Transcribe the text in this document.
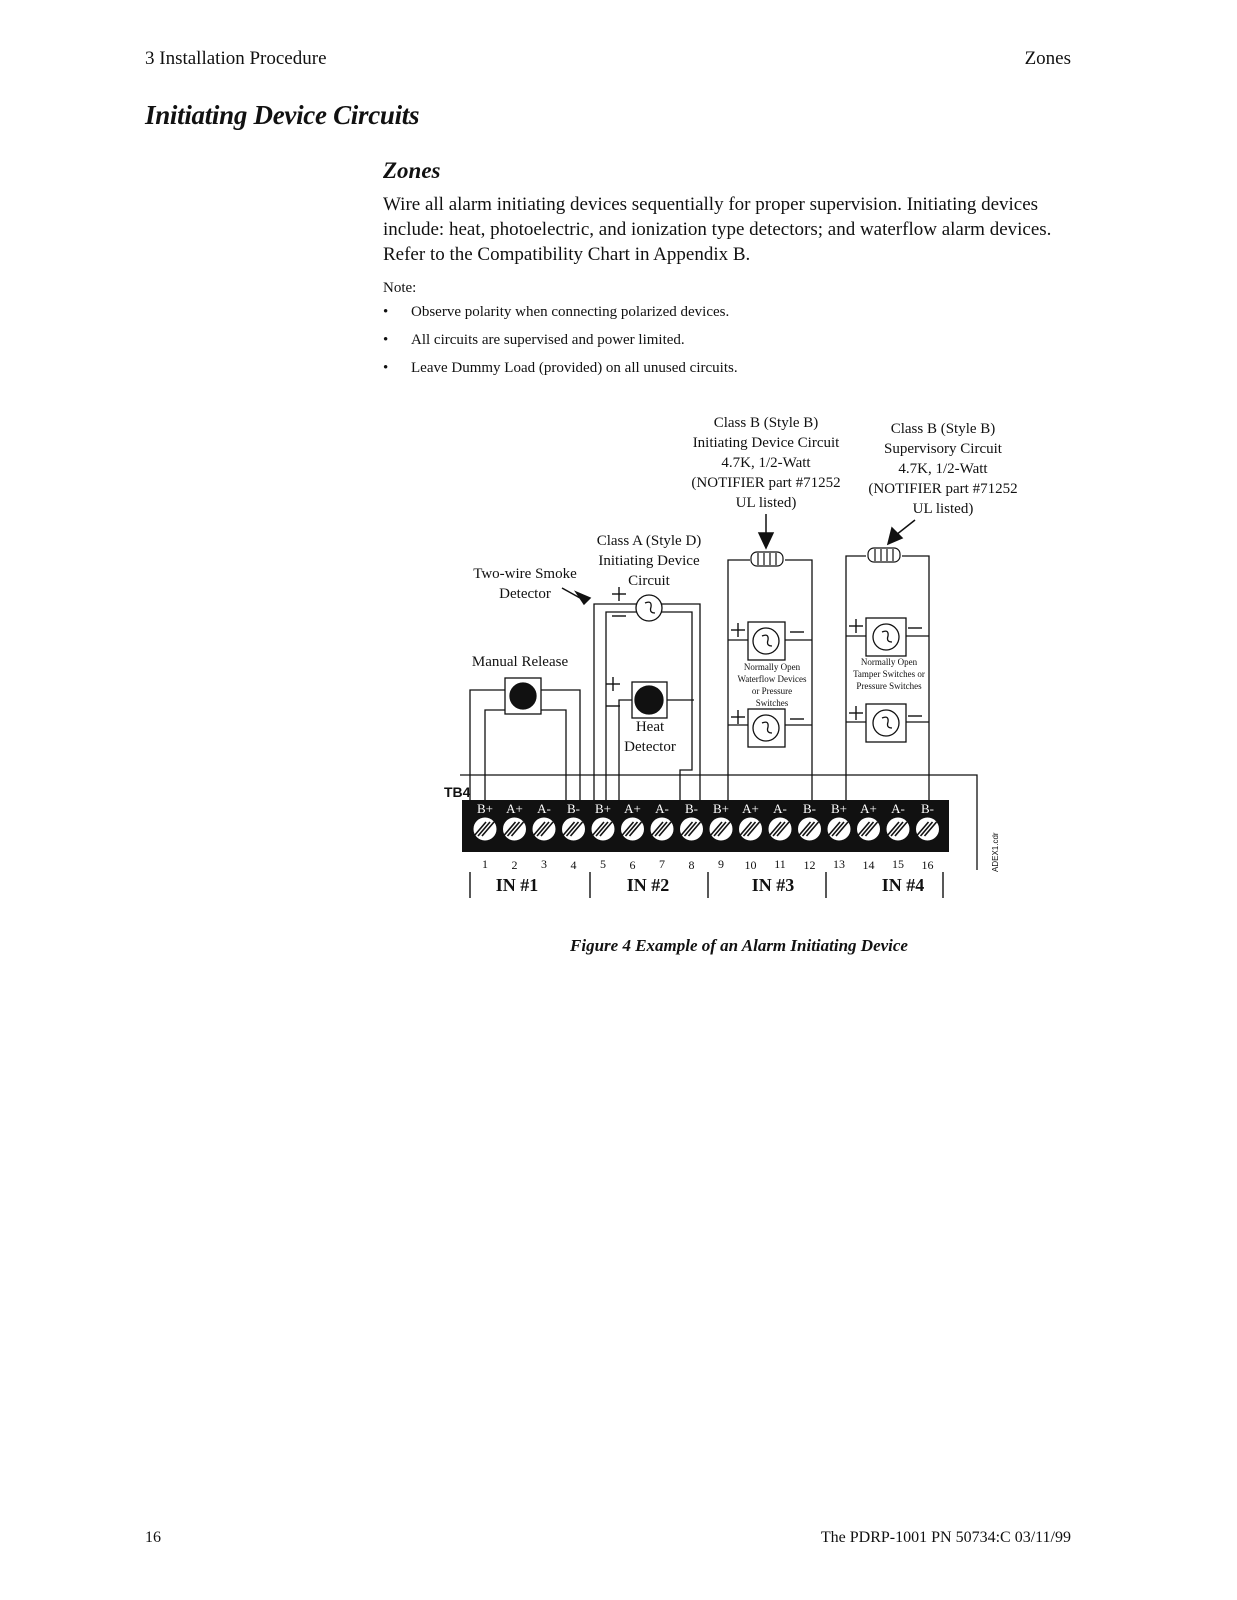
3 Installation Procedure	Zones
Initiating Device Circuits
Zones
Wire all alarm initiating devices sequentially for proper supervision. Initiating devices include: heat, photoelectric, and ionization type detectors; and waterflow alarm devices. Refer to the Compatibility Chart in Appendix B.
Note:
• Observe polarity when connecting polarized devices.
• All circuits are supervised and power limited.
• Leave Dummy Load (provided) on all unused circuits.
Class B (Style B)
Initiating Device Circuit
4.7K, 1/2-Watt
(NOTIFIER part #71252
UL listed)
Class B (Style B)
Supervisory Circuit
4.7K, 1/2-Watt
(NOTIFIER part #71252
UL listed)
Class A (Style D)
Initiating Device
Circuit
Two-wire Smoke
Detector
Manual Release
Heat
Detector
Normally Open
Waterflow Devices
or Pressure
Switches
Normally Open
Tamper Switches or
Pressure Switches
TB4
B+ A+ A- B- B+ A+ A- B- B+ A+ A- B- B+ A+ A- B-
1 2 3 4 5 6 7 8 9 10 11 12 13 14 15 16
IN #1	IN #2	IN #3	IN #4
ADEX1.cdr
Figure 4 Example of an Alarm Initiating Device
16	The PDRP-1001 PN 50734:C 03/11/99
